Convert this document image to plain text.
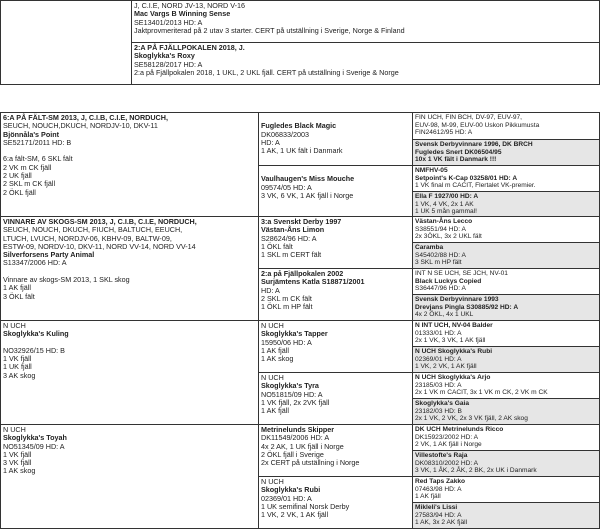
J, C.I.E, NORD JV-13, NORD V-16
Mac Vargs B Winning Sense
SE13401/2013 HD: A
Jaktprovmeriterad på 2 utav 3 starter. CERT på utställning i Sverige, Norge & Finland
2:A PÅ FJÄLLPOKALEN 2018, J.
Skoglykka's Roxy
SE58128/2017 HD: A
2:a på Fjällpokalen 2018, 1 UKL, 2 UKL fjäll. CERT på utställning i Sverige & Norge
6:A PÅ FÄLT-SM 2013, J, C.I.B, C.I.E, NORDUCH,
SEUCH, NOUCH,DKUCH, NORDJV-10, DKV-11
Bjönnåla's Point
SE52171/2011 HD: B

6:a fält-SM, 6 SKL fält
2 VK m CK fjäll
2 UK fjäll
2 SKL m CK fjäll
2 ÖKL fjäll
VINNARE AV SKOGS-SM 2013, J, C.I.B, C.I.E, NORDUCH,
SEUCH, NOUCH, DKUCH, FIUCH, BALTUCH, EEUCH,
LTUCH, LVUCH, NORDJV-06, KBHV-09, BALTW-09,
ESTW-09, NORDV-10, DKV-11, NORD VV-14, NORD VV-14
Silverforsens Party Animal
S13347/2006 HD: A

Vinnare av skogs-SM 2013, 1 SKL skog
1 AK fjäll
3 ÖKL fält
N UCH
Skoglykka's Kuling

NO32926/15 HD: B
1 VK fjäll
1 UK fjäll
3 AK skog
N UCH
Skoglykka's Toyah
NO51345/09 HD: A
1 VK fjäll
3 VK fjäll
1 AK skog

Fugledes Black Magic
DK06833/2003
HD: A
1 AK, 1 UK fält i Danmark

Vaulhaugen's Miss Mouche
09574/05 HD: A
3 VK, 6 VK, 1 AK fjäll i Norge
3:a Svenskt Derby 1997
Västan-Åns Limon
S28624/96 HD: A
1 ÖKL fält
1 SKL m CERT fält
2:a på Fjällpokalen 2002
Surjämtens Katla S18871/2001
HD: A
2 SKL m CK fält
1 ÖKL m HP fält
N UCH
Skoglykka's Tapper
15950/06 HD: A
1 AK fjäll
1 AK skog
N UCH
Skoglykka's Tyra
NO51815/09 HD: A
1 VK fjäll, 2x 2VK fjäll
1 AK fjäll
Metrinelunds Skipper
DK11549/2006 HD: A
4x 2 AK, 1 UK fjäll i Norge
2 ÖKL fjäll i Sverige
2x CERT på utställning i Norge
N UCH
Skoglykka's Rubi
02369/01 HD: A
1 UK semifinal Norsk Derby
1 VK, 2 VK, 1 AK fjäll
FIN UCH, FIN BCH, DV-97, EUV-97,
EUV-98, M-99, EUV-00 Uskon Pikkumusta
FIN24612/95 HD: A
Svensk Derbyvinnare 1996, DK BRCH
Fugledes Snert DK06504/95
10x 1 VK fält i Danmark !!!
NMFHV-05
Setpoint's K-Cap 03258/01 HD: A
1 VK final m CACIT, Flertalet VK-premier.
Ella F 1927/00 HD: A
1 VK, 4 VK, 2x 1 AK
1 UK 5 mån gammal!
Västan-Åns Lecco
S38551/94 HD: A
2x 3ÖKL, 3x 2 UKL fält
Caramba
S45402/88 HD: A
3 SKL m HP fält
INT N SE UCH, SE JCH, NV-01
Black Luckys Copied
S36447/96 HD: A
Svensk Derbyvinnare 1993
Drevjans Pingla S30885/92 HD: A
4x 2 ÖKL, 4x 1 UKL
N INT UCH, NV-04 Balder
01333/01 HD: A
2x 1 VK, 3 VK, 1 AK fjäll
N UCH Skoglykka's Rubi
02369/01 HD: A
1 VK, 2 VK, 1 AK fjäll
N UCH Skoglykka's Arjo
23185/03 HD: A
2x 1 VK m CACIT, 3x 1 VK m CK, 2 VK m CK
Skoglykka's Gaia
23182/03 HD: B
2x 1 VK, 2 VK, 2x 3 VK fjäll, 2 AK skog
DK UCH Metrinelunds Ricco
DK15923/2002 HD: A
2 VK, 1 AK fjäll i Norge
Villestofte's Raja
DK08310/2002 HD: A
3 VK, 1 ÅK, 2 ÅK, 2 BK, 2x UK i Danmark
Red Taps Zakko
07463/98 HD: A
1 AK fjäll
Mikleli's Lissi
27583/94 HD: A
1 AK, 3x 2 AK fjäll
